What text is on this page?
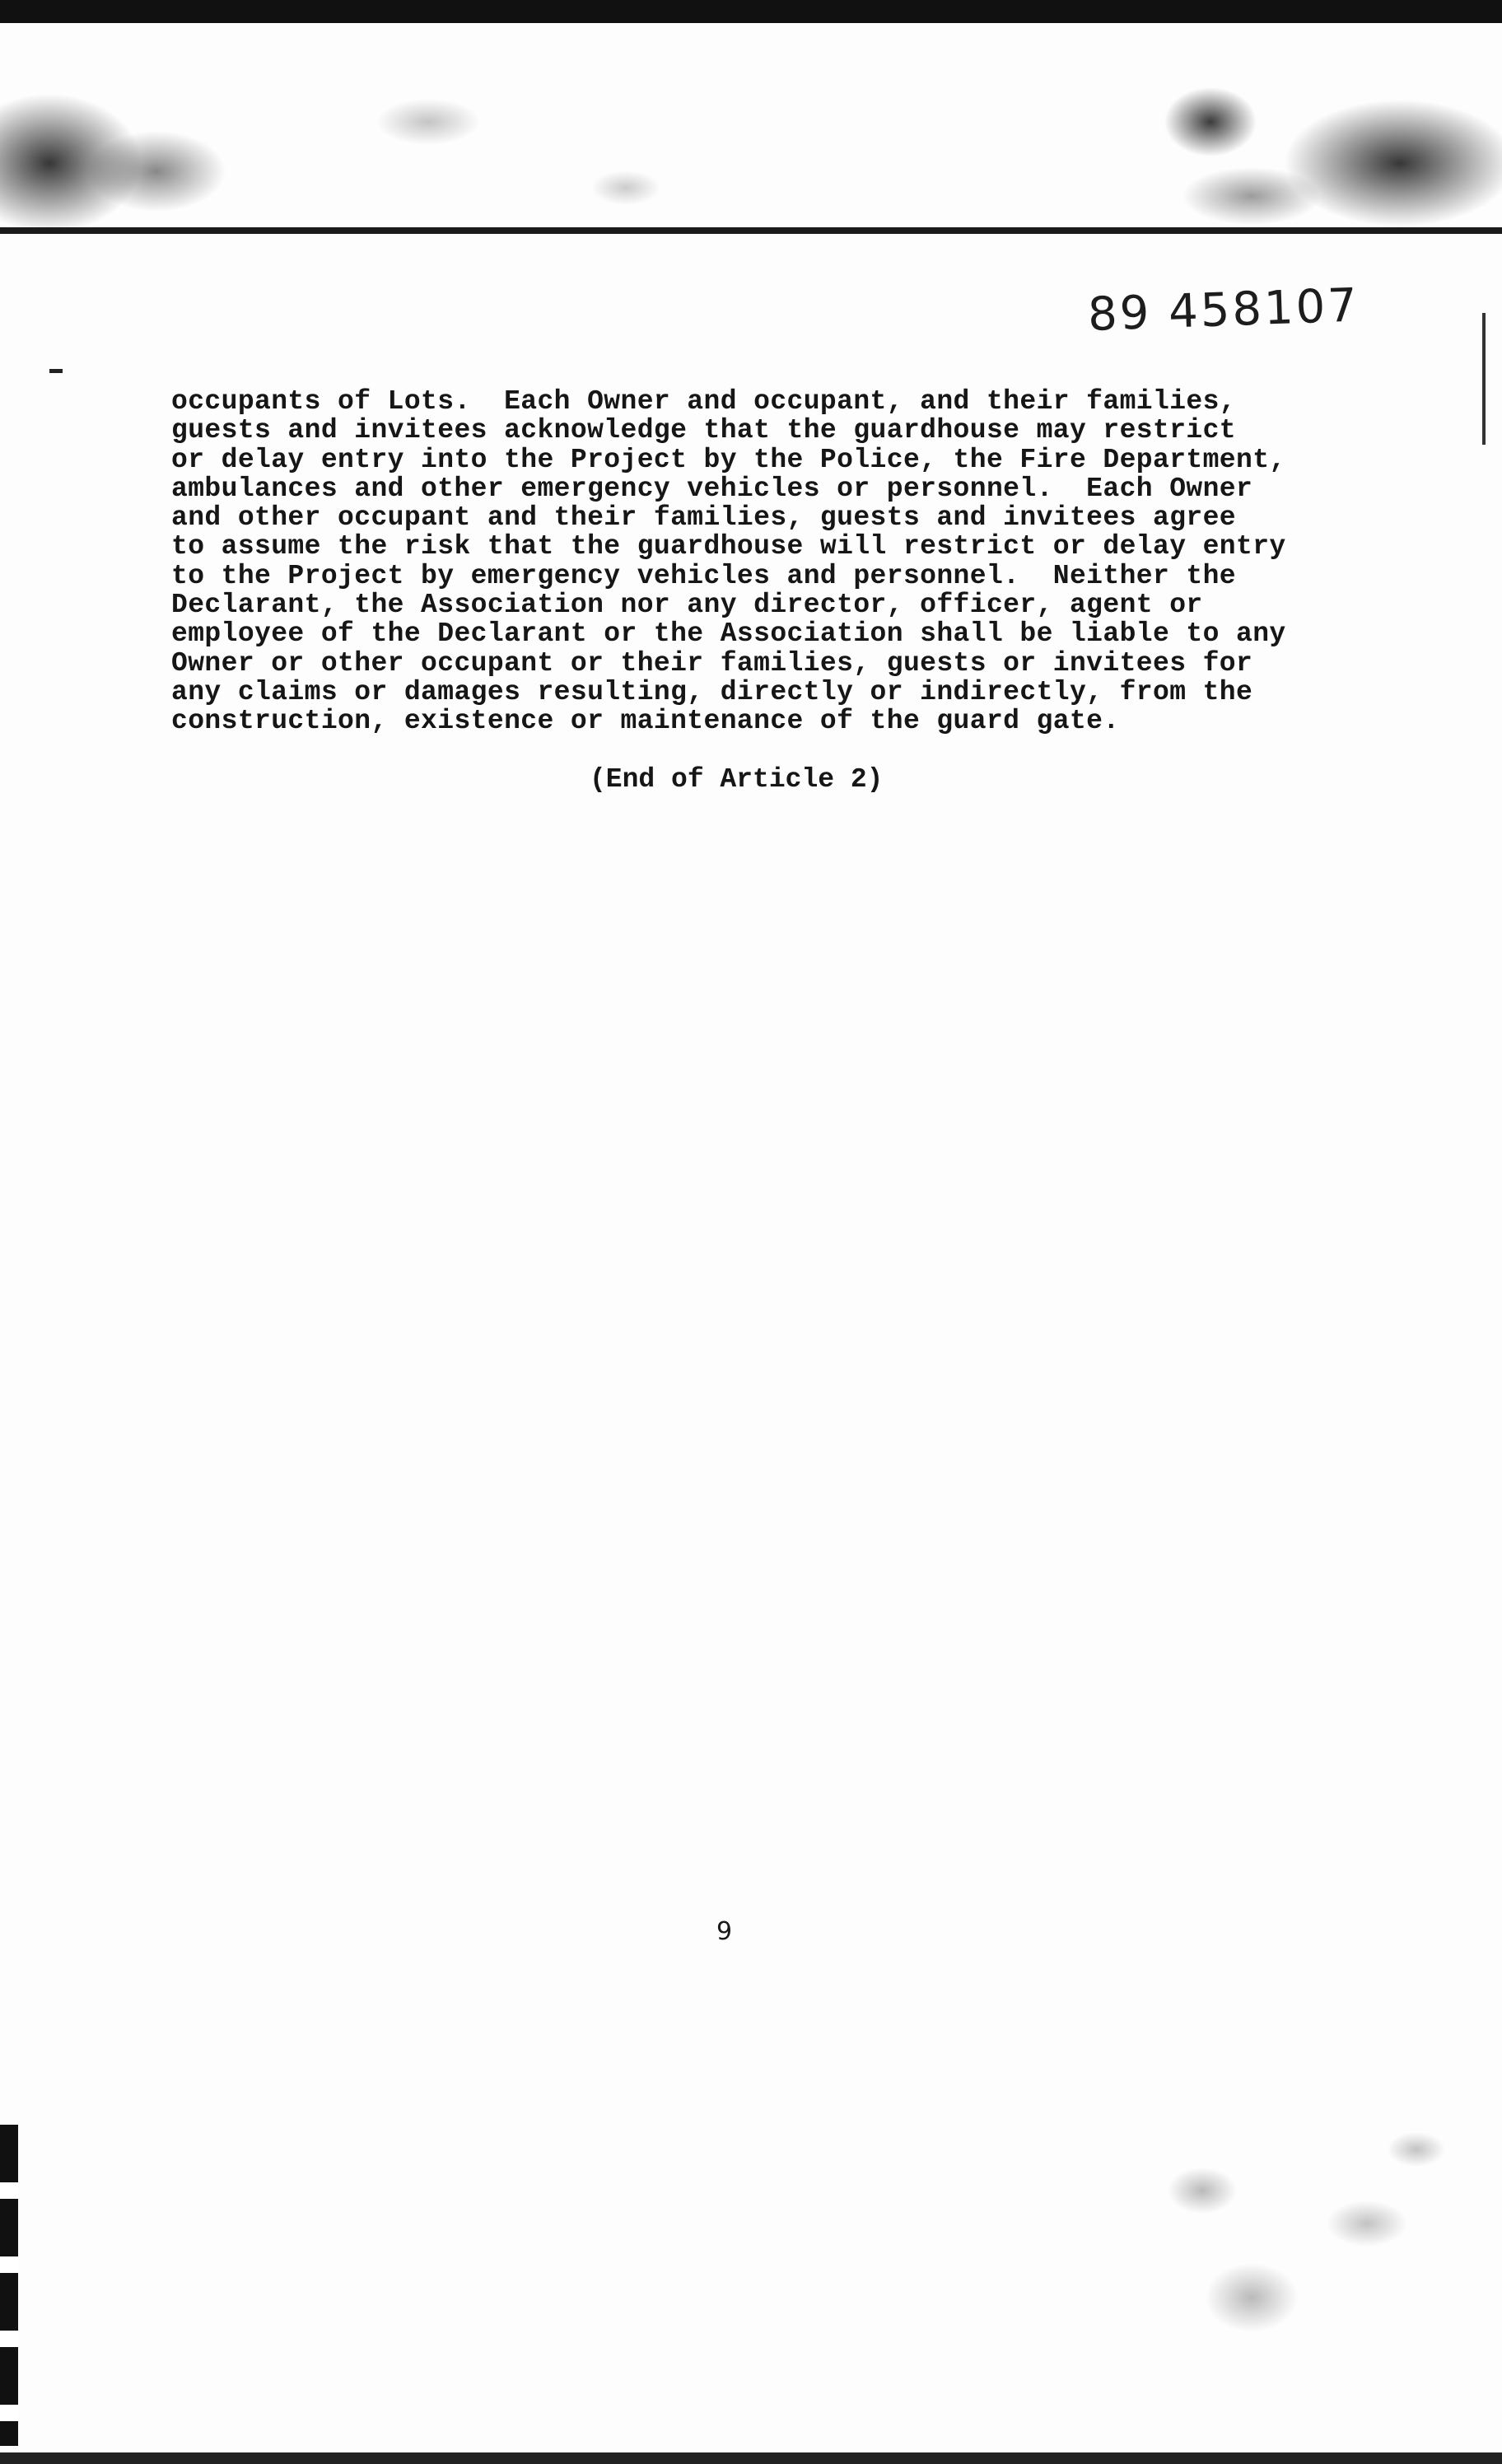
89 458107
occupants of Lots.  Each Owner and occupant, and their families,
guests and invitees acknowledge that the guardhouse may restrict
or delay entry into the Project by the Police, the Fire Department,
ambulances and other emergency vehicles or personnel.  Each Owner
and other occupant and their families, guests and invitees agree
to assume the risk that the guardhouse will restrict or delay entry
to the Project by emergency vehicles and personnel.  Neither the
Declarant, the Association nor any director, officer, agent or
employee of the Declarant or the Association shall be liable to any
Owner or other occupant or their families, guests or invitees for
any claims or damages resulting, directly or indirectly, from the
construction, existence or maintenance of the guard gate.
(End of Article 2)
9
